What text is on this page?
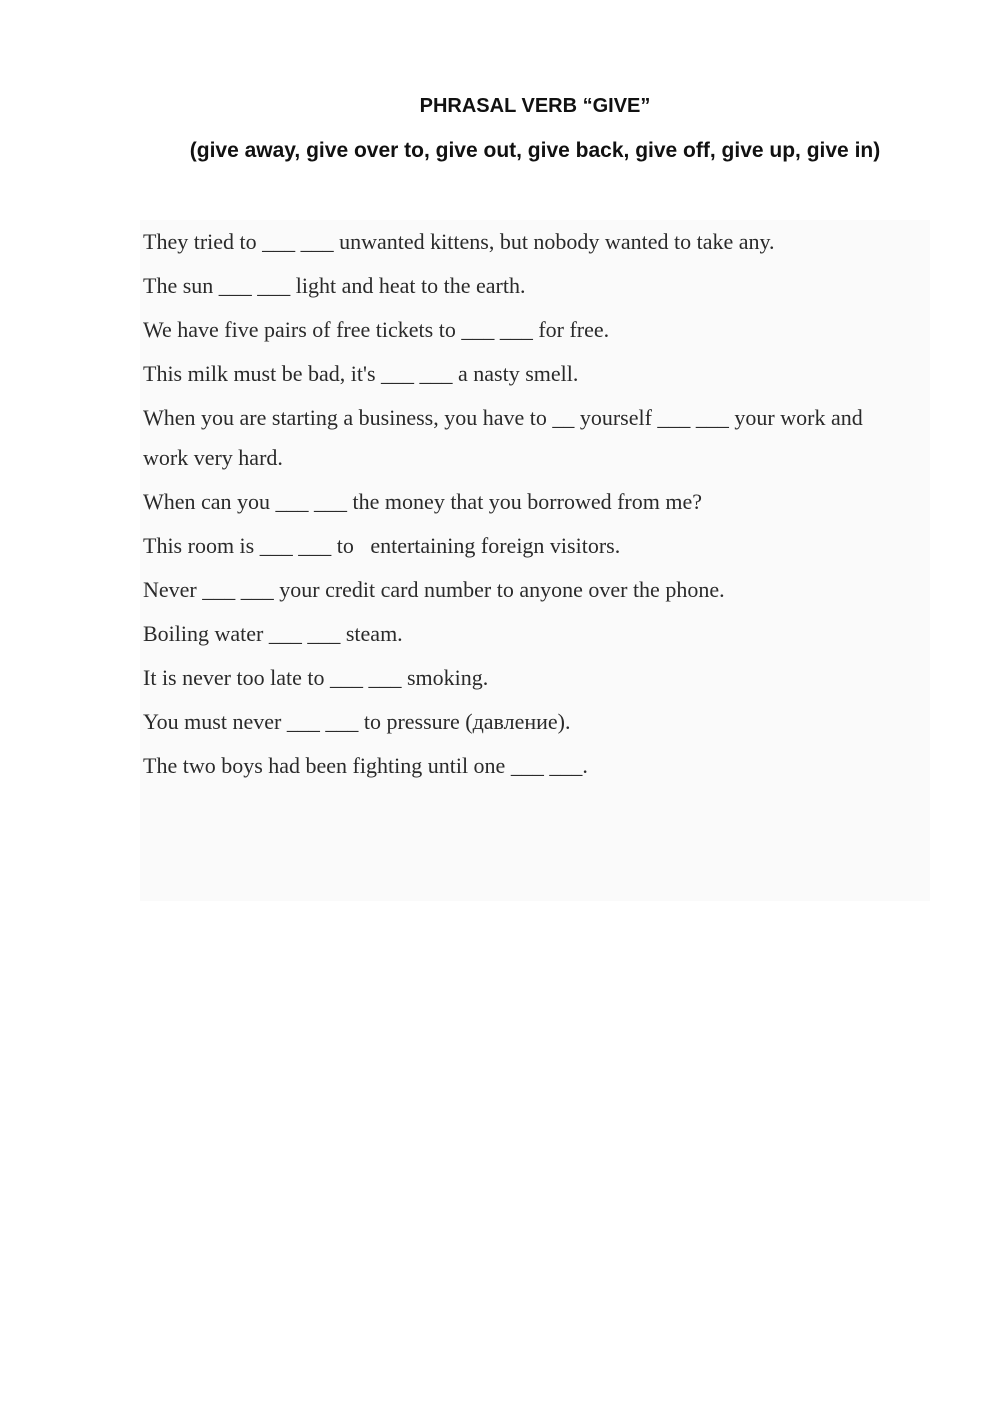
PHRASAL VERB “GIVE”
(give away, give over to, give out, give back, give off, give up, give in)
They tried to ___ ___ unwanted kittens, but nobody wanted to take any.
The sun ___ ___ light and heat to the earth.
We have five pairs of free tickets to ___ ___ for free.
This milk must be bad, it's ___ ___ a nasty smell.
When you are starting a business, you have to __ yourself ___ ___ your work and work very hard.
When can you ___ ___ the money that you borrowed from me?
This room is ___ ___ to   entertaining foreign visitors.
Never ___ ___ your credit card number to anyone over the phone.
Boiling water ___ ___ steam.
It is never too late to ___ ___ smoking.
You must never ___ ___ to pressure (давление).
The two boys had been fighting until one ___ ___.
